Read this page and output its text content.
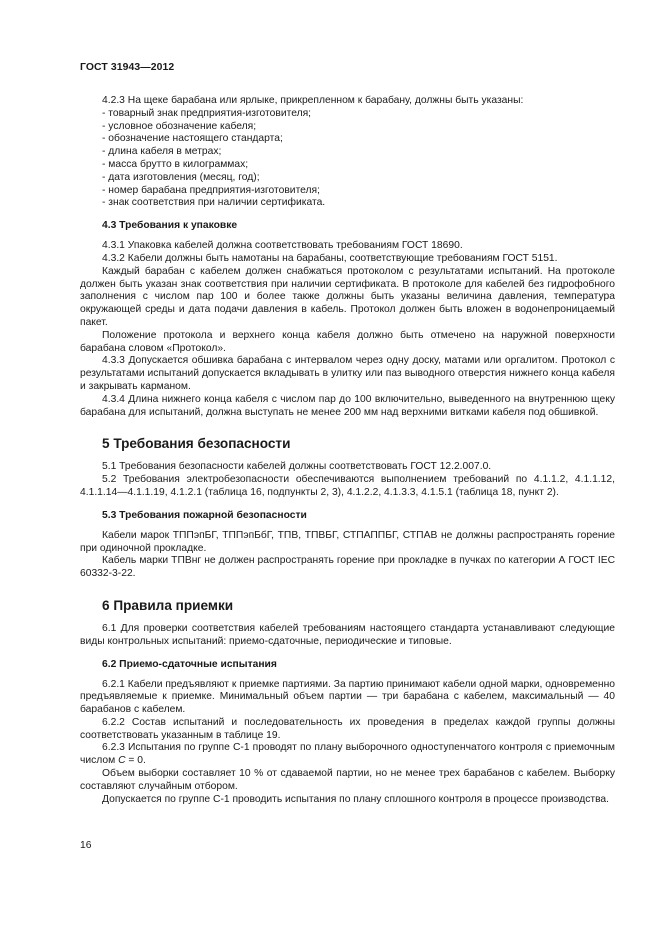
ГОСТ 31943—2012

4.2.3 На щеке барабана или ярлыке, прикрепленном к барабану, должны быть указаны:

- товарный знак предприятия-изготовителя;

- условное обозначение кабеля;

- обозначение настоящего стандарта;

- длина кабеля в метрах;

- масса брутто в килограммах;

- дата изготовления (месяц, год);

- номер барабана предприятия-изготовителя;

- знак соответствия при наличии сертификата.

4.3 Требования к упаковке

4.3.1 Упаковка кабелей должна соответствовать требованиям ГОСТ 18690.

4.3.2 Кабели должны быть намотаны на барабаны, соответствующие требованиям ГОСТ 5151.

Каждый барабан с кабелем должен снабжаться протоколом с результатами испытаний. На протоколе должен быть указан знак соответствия при наличии сертификата. В протоколе для кабелей без гидрофобного заполнения с числом пар 100 и более также должны быть указаны величина давления, температура окружающей среды и дата подачи давления в кабель. Протокол должен быть вложен в водонепроницаемый пакет.

Положение протокола и верхнего конца кабеля должно быть отмечено на наружной поверхности барабана словом «Протокол».

4.3.3 Допускается обшивка барабана с интервалом через одну доску, матами или оргалитом. Протокол с результатами испытаний допускается вкладывать в улитку или паз выводного отверстия нижнего конца кабеля и закрывать карманом.

4.3.4 Длина нижнего конца кабеля с числом пар до 100 включительно, выведенного на внутреннюю щеку барабана для испытаний, должна выступать не менее 200 мм над верхними витками кабеля под обшивкой.

5 Требования безопасности

5.1 Требования безопасности кабелей должны соответствовать ГОСТ 12.2.007.0.

5.2 Требования электробезопасности обеспечиваются выполнением требований по 4.1.1.2, 4.1.1.12, 4.1.1.14—4.1.1.19, 4.1.2.1 (таблица 16, подпункты 2, 3), 4.1.2.2, 4.1.3.3, 4.1.5.1 (таблица 18, пункт 2).

5.3 Требования пожарной безопасности

Кабели марок ТППэпБГ, ТППэпБбГ, ТПВ, ТПВБГ, СТПАППБГ, СТПАВ не должны распространять горение при одиночной прокладке.

Кабель марки ТПВнг не должен распространять горение при прокладке в пучках по категории А ГОСТ IEC 60332-3-22.

6 Правила приемки

6.1 Для проверки соответствия кабелей требованиям настоящего стандарта устанавливают следующие виды контрольных испытаний: приемо-сдаточные, периодические и типовые.

6.2 Приемо-сдаточные испытания

6.2.1 Кабели предъявляют к приемке партиями. За партию принимают кабели одной марки, одновременно предъявляемые к приемке. Минимальный объем партии — три барабана с кабелем, максимальный — 40 барабанов с кабелем.

6.2.2 Состав испытаний и последовательность их проведения в пределах каждой группы должны соответствовать указанным в таблице 19.

6.2.3 Испытания по группе С-1 проводят по плану выборочного одноступенчатого контроля с приемочным числом С = 0.

Объем выборки составляет 10 % от сдаваемой партии, но не менее трех барабанов с кабелем. Выборку составляют случайным отбором.

Допускается по группе С-1 проводить испытания по плану сплошного контроля в процессе производства.

16
